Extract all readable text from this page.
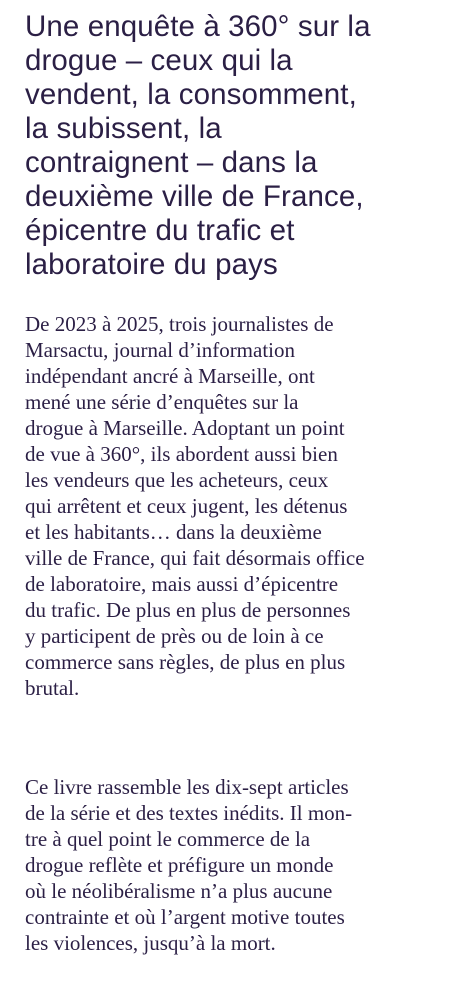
Une enquête à 360° sur la
drogue – ceux qui la
vendent, la consomment,
la subissent, la
contraignent – dans la
deuxième ville de France,
épicentre du trafic et
laboratoire du pays

De 2023 à 2025, trois journalistes de
Marsactu, journal d’information
indépendant ancré à Marseille, ont
mené une série d’enquêtes sur la
drogue à Marseille. Adoptant un point
de vue à 360°, ils abordent aussi bien
les vendeurs que les acheteurs, ceux
qui arrêtent et ceux jugent, les détenus
et les habitants… dans la deuxième
ville de France, qui fait désormais office
de laboratoire, mais aussi d’épicentre
du trafic. De plus en plus de personnes
y participent de près ou de loin à ce
commerce sans règles, de plus en plus
brutal.

Ce livre rassemble les dix-sept articles
de la série et des textes inédits. Il mon-
tre à quel point le commerce de la
drogue reflète et préfigure un monde
où le néolibéralisme n’a plus aucune
contrainte et où l’argent motive toutes
les violences, jusqu’à la mort.
